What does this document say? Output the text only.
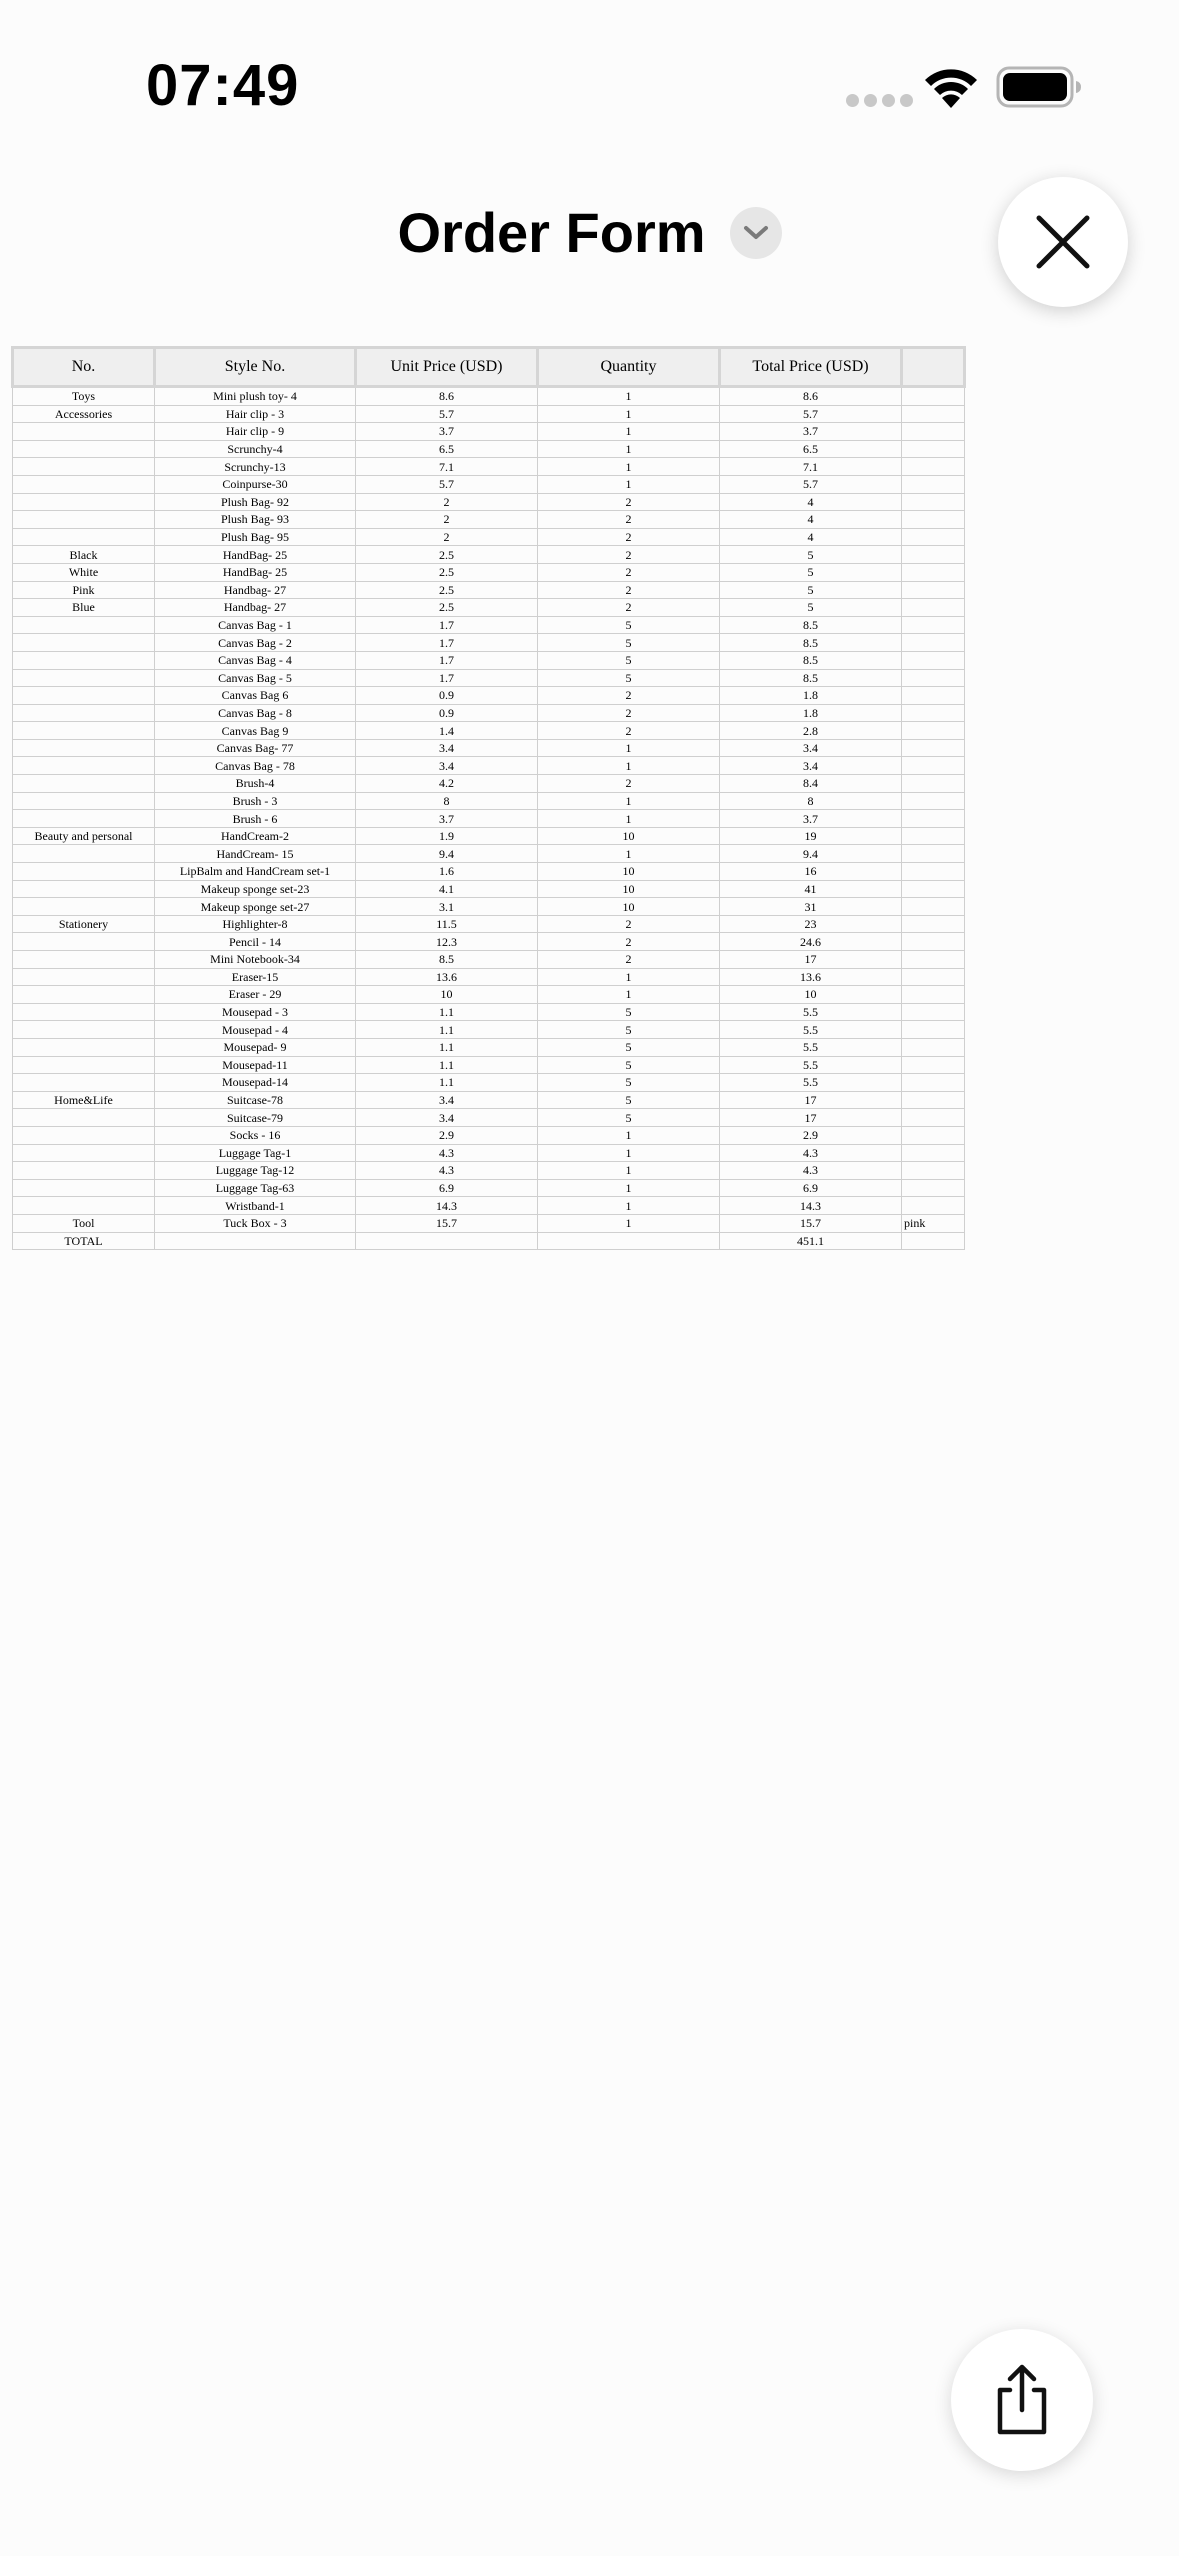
07:49
Order Form
No.	Style No.	Unit Price (USD)	Quantity	Total Price (USD)	
Toys	Mini plush toy- 4	8.6	1	8.6	
Accessories	Hair clip - 3	5.7	1	5.7	
	Hair clip - 9	3.7	1	3.7	
	Scrunchy-4	6.5	1	6.5	
	Scrunchy-13	7.1	1	7.1	
	Coinpurse-30	5.7	1	5.7	
	Plush Bag- 92	2	2	4	
	Plush Bag- 93	2	2	4	
	Plush Bag- 95	2	2	4	
Black	HandBag- 25	2.5	2	5	
White	HandBag- 25	2.5	2	5	
Pink	Handbag- 27	2.5	2	5	
Blue	Handbag- 27	2.5	2	5	
	Canvas Bag - 1	1.7	5	8.5	
	Canvas Bag - 2	1.7	5	8.5	
	Canvas Bag - 4	1.7	5	8.5	
	Canvas Bag - 5	1.7	5	8.5	
	Canvas Bag 6	0.9	2	1.8	
	Canvas Bag - 8	0.9	2	1.8	
	Canvas Bag 9	1.4	2	2.8	
	Canvas Bag- 77	3.4	1	3.4	
	Canvas Bag - 78	3.4	1	3.4	
	Brush-4	4.2	2	8.4	
	Brush - 3	8	1	8	
	Brush - 6	3.7	1	3.7	
Beauty and personal	HandCream-2	1.9	10	19	
	HandCream- 15	9.4	1	9.4	
	LipBalm and HandCream set-1	1.6	10	16	
	Makeup sponge set-23	4.1	10	41	
	Makeup sponge set-27	3.1	10	31	
Stationery	Highlighter-8	11.5	2	23	
	Pencil - 14	12.3	2	24.6	
	Mini Notebook-34	8.5	2	17	
	Eraser-15	13.6	1	13.6	
	Eraser - 29	10	1	10	
	Mousepad - 3	1.1	5	5.5	
	Mousepad - 4	1.1	5	5.5	
	Mousepad- 9	1.1	5	5.5	
	Mousepad-11	1.1	5	5.5	
	Mousepad-14	1.1	5	5.5	
Home&Life	Suitcase-78	3.4	5	17	
	Suitcase-79	3.4	5	17	
	Socks - 16	2.9	1	2.9	
	Luggage Tag-1	4.3	1	4.3	
	Luggage Tag-12	4.3	1	4.3	
	Luggage Tag-63	6.9	1	6.9	
	Wristband-1	14.3	1	14.3	
Tool	Tuck Box - 3	15.7	1	15.7	pink
TOTAL				451.1	
